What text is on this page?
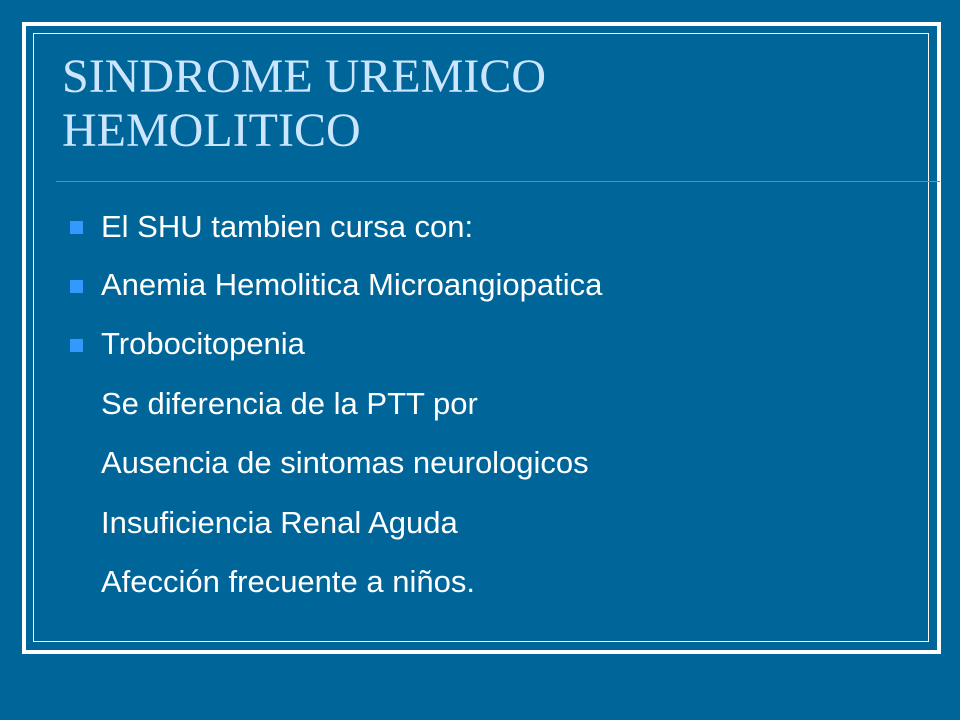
SINDROME UREMICO
HEMOLITICO

El SHU tambien cursa con:

Anemia Hemolitica Microangiopatica

Trobocitopenia

Se diferencia de la PTT por

Ausencia de sintomas neurologicos

Insuficiencia Renal Aguda

Afección frecuente a niños.
